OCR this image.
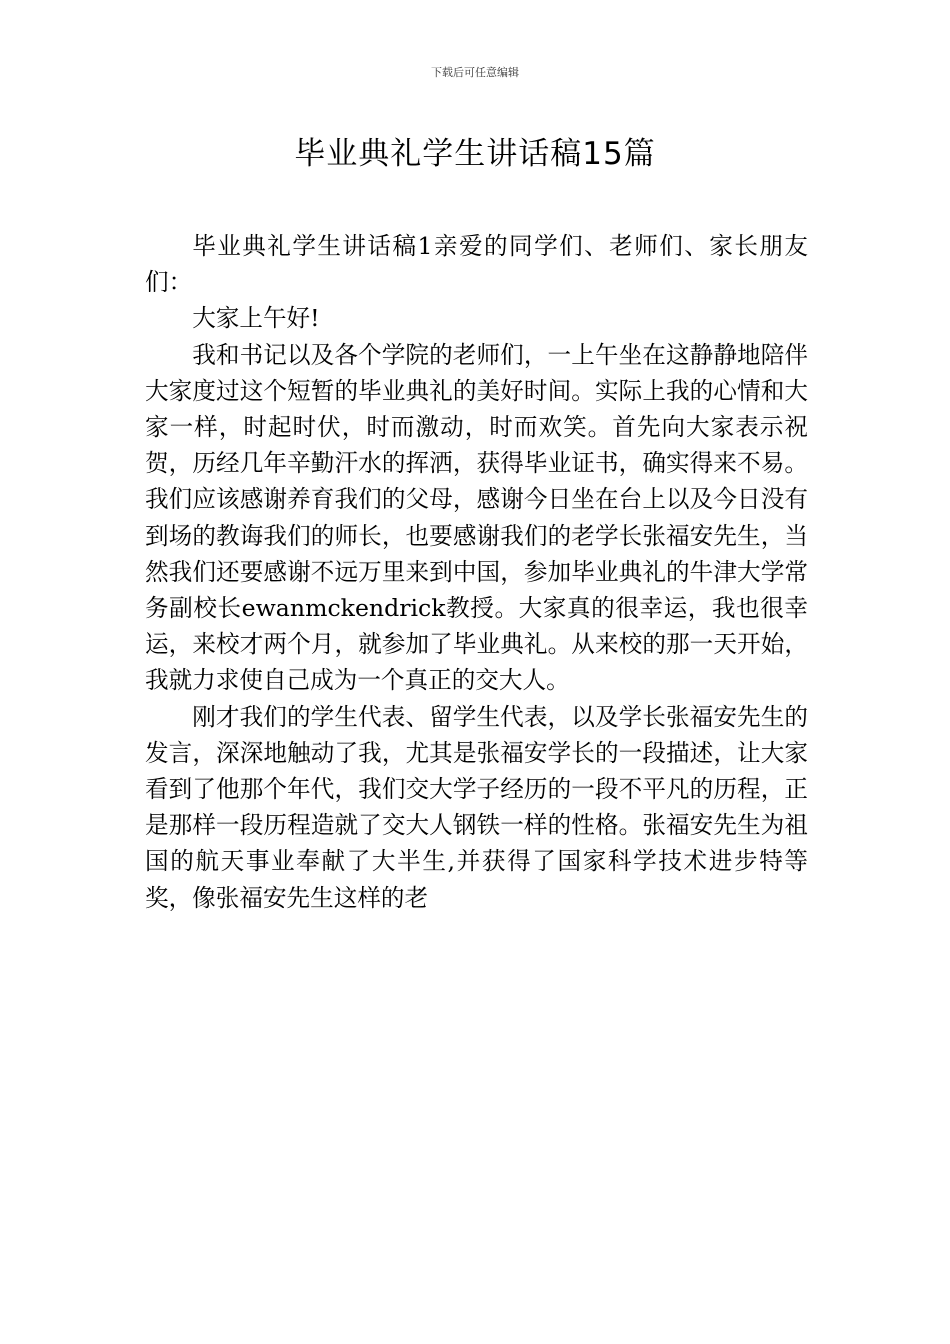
下载后可任意编辑
毕业典礼学生讲话稿15篇

毕业典礼学生讲话稿1亲爱的同学们、老师们、家长朋友们：

大家上午好!

我和书记以及各个学院的老师们，一上午坐在这静静地陪伴大家度过这个短暂的毕业典礼的美好时间。实际上我的心情和大家一样，时起时伏，时而激动，时而欢笑。首先向大家表示祝贺，历经几年辛勤汗水的挥洒，获得毕业证书，确实得来不易。我们应该感谢养育我们的父母，感谢今日坐在台上以及今日没有到场的教诲我们的师长，也要感谢我们的老学长张福安先生，当然我们还要感谢不远万里来到中国，参加毕业典礼的牛津大学常务副校长ewanmckendrick教授。大家真的很幸运，我也很幸运，来校才两个月，就参加了毕业典礼。从来校的那一天开始，我就力求使自己成为一个真正的交大人。

刚才我们的学生代表、留学生代表，以及学长张福安先生的发言，深深地触动了我，尤其是张福安学长的一段描述，让大家看到了他那个年代，我们交大学子经历的一段不平凡的历程，正是那样一段历程造就了交大人钢铁一样的性格。张福安先生为祖国的航天事业奉献了大半生,并获得了国家科学技术进步特等奖，像张福安先生这样的老
